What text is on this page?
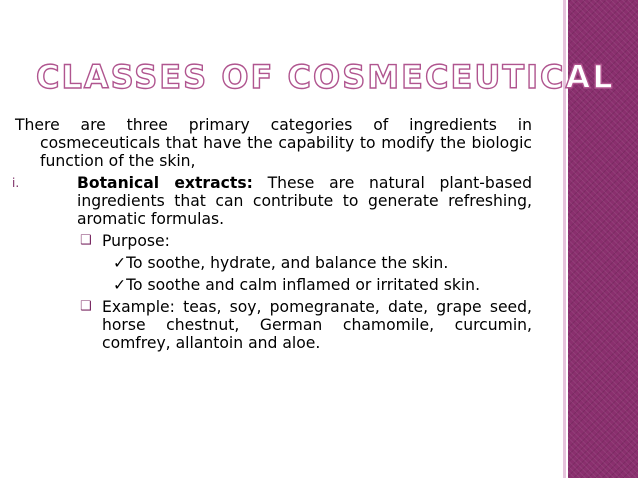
CLASSES OF COSMECEUTICAL

There are three primary categories of ingredients in cosmeceuticals that have the capability to modify the biologic function of the skin,

i.	Botanical extracts: These are natural plant-based ingredients that can contribute to generate refreshing, aromatic formulas.
❑ Purpose:
✓To soothe, hydrate, and balance the skin.
✓To soothe and calm inflamed or irritated skin.
❑ Example: teas, soy, pomegranate, date, grape seed, horse chestnut, German chamomile, curcumin, comfrey, allantoin and aloe.
